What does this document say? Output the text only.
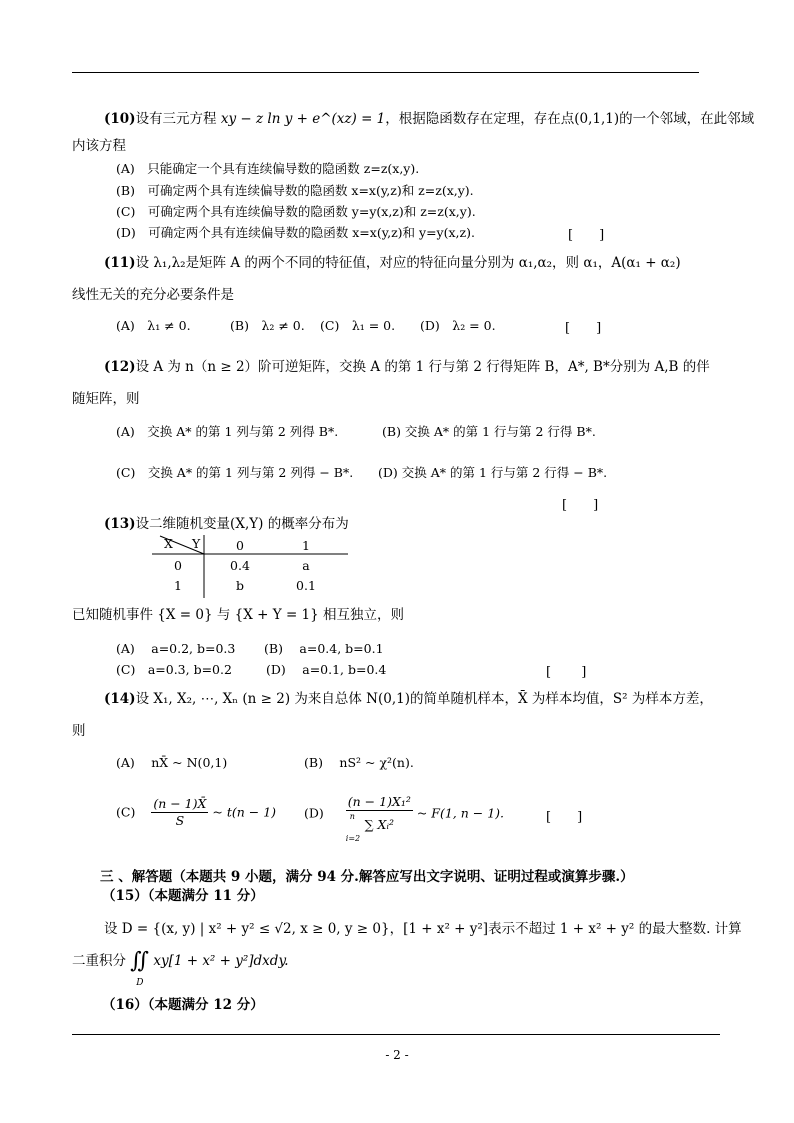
(10)设有三元方程 xy − z ln y + e^(xz) = 1，根据隐函数存在定理，存在点(0,1,1)的一个邻域，在此邻域
内该方程
(A)　只能确定一个具有连续偏导数的隐函数 z=z(x,y).
(B)　可确定两个具有连续偏导数的隐函数 x=x(y,z)和 z=z(x,y).
(C)　可确定两个具有连续偏导数的隐函数 y=y(x,z)和 z=z(x,y).
(D)　可确定两个具有连续偏导数的隐函数 x=x(y,z)和 y=y(x,z).	[　　]
(11)设 λ₁,λ₂是矩阵 A 的两个不同的特征值，对应的特征向量分别为 α₁,α₂，则 α₁，A(α₁ + α₂)
线性无关的充分必要条件是
(A)　λ₁ ≠ 0.	(B)　λ₂ ≠ 0. (C)　λ₁ = 0. (D)　λ₂ = 0.	[　　]
(12)设 A 为 n（n ≥ 2）阶可逆矩阵，交换 A 的第 1 行与第 2 行得矩阵 B，A*, B*分别为 A,B 的伴
随矩阵，则
(A)　交换 A* 的第 1 列与第 2 列得 B*.	(B) 交换 A* 的第 1 行与第 2 行得 B*.
(C)　交换 A* 的第 1 列与第 2 列得 − B*. (D) 交换 A* 的第 1 行与第 2 行得 − B*.
[　　]
(13)设二维随机变量(X,Y) 的概率分布为
X Y	0	1
0	0.4	a
1	b	0.1
已知随机事件 {X = 0} 与 {X + Y = 1} 相互独立，则
(A)　 a=0.2, b=0.3 (B)　 a=0.4, b=0.1
(C)　a=0.3, b=0.2	(D)　 a=0.1, b=0.4	[　　 ]
(14)设 X₁, X₂, ⋯, Xₙ (n ≥ 2) 为来自总体 N(0,1)的简单随机样本，X̄ 为样本均值，S² 为样本方差，
则
(A)　 nX̄ ~ N(0,1)	(B)　 nS² ~ χ²(n).
$(C) \frac{(n - 1)X̄}{S}$ ~ t(n − 1) (D) (n − 1)X₁²
n
∑ Xᵢ²
i=2 ~ F(1, n − 1).	[　　]
三 、解答题（本题共 9 小题，满分 94 分.解答应写出文字说明、证明过程或演算步骤.）
（15）（本题满分 11 分）
设 D = {(x, y) | x² + y² ≤ √2, x ≥ 0, y ≥ 0}，[1 + x² + y²]表示不超过 1 + x² + y² 的最大整数. 计算
二重积分 ∬
D
xy[1 + x² + y²]dxdy.
（16）（本题满分 12 分）
- 2 -
